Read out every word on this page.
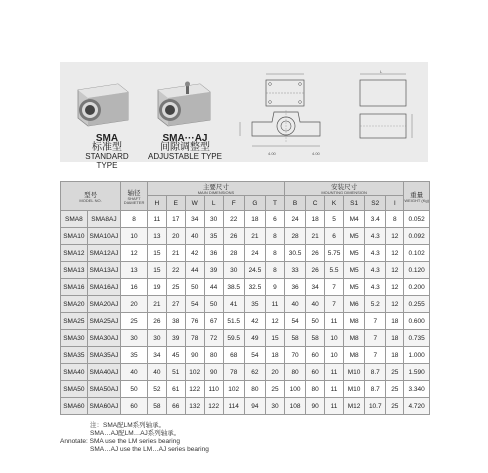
SMA
标准型
STANDARD TYPE
SMA···AJ
间隙调整型
ADJUSTABLE TYPE	4.00	4.00
L
型号
MODEL NO.		轴径
SHAFT DIAMETER	主要尺寸
MAIN DIMENSIONS							安装尺寸
MOUNTING DIMENSION						重量
WEIGHT (Kg)

			H	E	W	L	F	G	T	B	C	K	S1	S2	l	
SMA8	SMA8AJ	8	11	17	34	30	22	18	6	24	18	5	M4	3.4	8	0.052
SMA10	SMA10AJ	10	13	20	40	35	26	21	8	28	21	6	M5	4.3	12	0.092
SMA12	SMA12AJ	12	15	21	42	36	28	24	8	30.5	26	5.75	M5	4.3	12	0.102
SMA13	SMA13AJ	13	15	22	44	39	30	24.5	8	33	26	5.5	M5	4.3	12	0.120
SMA16	SMA16AJ	16	19	25	50	44	38.5	32.5	9	36	34	7	M5	4.3	12	0.200
SMA20	SMA20AJ	20	21	27	54	50	41	35	11	40	40	7	M6	5.2	12	0.255
SMA25	SMA25AJ	25	26	38	76	67	51.5	42	12	54	50	11	M8	7	18	0.600
SMA30	SMA30AJ	30	30	39	78	72	59.5	49	15	58	58	10	M8	7	18	0.735
SMA35	SMA35AJ	35	34	45	90	80	68	54	18	70	60	10	M8	7	18	1.000
SMA40	SMA40AJ	40	40	51	102	90	78	62	20	80	60	11	M10	8.7	25	1.590
SMA50	SMA50AJ	50	52	61	122	110	102	80	25	100	80	11	M10	8.7	25	3.340
SMA60	SMA60AJ	60	58	66	132	122	114	94	30	108	90	11	M12	10.7	25	4.720
注：SMA配LM系列轴承。
SMA…AJ配LM…AJ系列轴承。
Annotate: SMA use the LM series bearing
SMA…AJ use the LM…AJ series bearing
